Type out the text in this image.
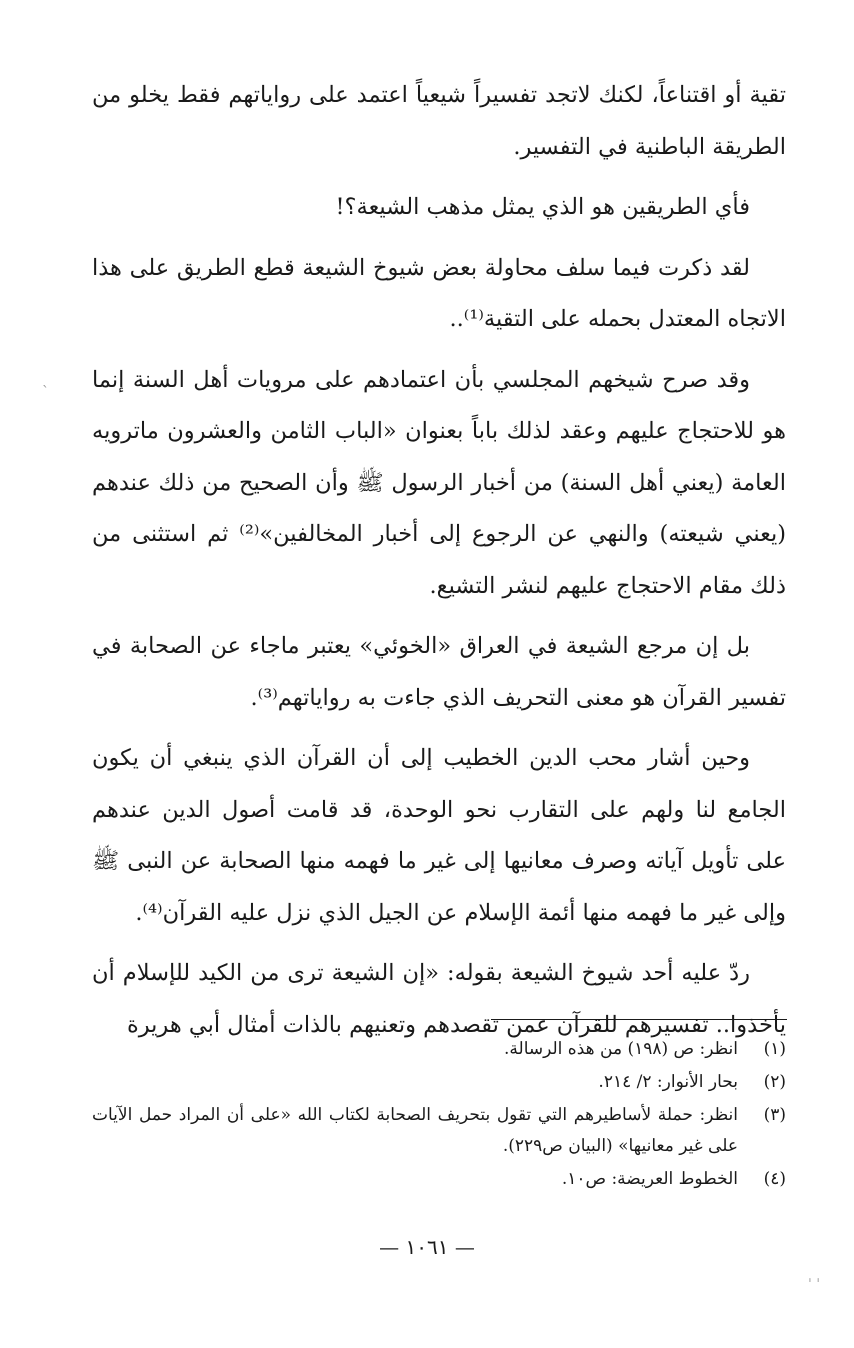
تقية أو اقتناعاً، لكنك لاتجد تفسيراً شيعياً اعتمد على رواياتهم فقط يخلو من الطريقة الباطنية في التفسير.

فأي الطريقين هو الذي يمثل مذهب الشيعة؟!

لقد ذكرت فيما سلف محاولة بعض شيوخ الشيعة قطع الطريق على هذا الاتجاه المعتدل بحمله على التقية⁽¹⁾..

وقد صرح شيخهم المجلسي بأن اعتمادهم على مرويات أهل السنة إنما هو للاحتجاج عليهم وعقد لذلك باباً بعنوان «الباب الثامن والعشرون ماترويه العامة (يعني أهل السنة) من أخبار الرسول ﷺ وأن الصحيح من ذلك عندهم (يعني شيعته) والنهي عن الرجوع إلى أخبار المخالفين»⁽²⁾ ثم استثنى من ذلك مقام الاحتجاج عليهم لنشر التشيع.

بل إن مرجع الشيعة في العراق «الخوئي» يعتبر ماجاء عن الصحابة في تفسير القرآن هو معنى التحريف الذي جاءت به رواياتهم⁽³⁾.

وحين أشار محب الدين الخطيب إلى أن القرآن الذي ينبغي أن يكون الجامع لنا ولهم على التقارب نحو الوحدة، قد قامت أصول الدين عندهم على تأويل آياته وصرف معانيها إلى غير ما فهمه منها الصحابة عن النبى ﷺ وإلى غير ما فهمه منها أئمة الإسلام عن الجيل الذي نزل عليه القرآن⁽⁴⁾.

ردّ عليه أحد شيوخ الشيعة بقوله: «إن الشيعة ترى من الكيد للإسلام أن يأخذوا.. تفسيرهم للقرآن عمن تقصدهم وتعنيهم بالذات أمثال أبي هريرة

(١)
انظر: ص (١٩٨) من هذه الرسالة.
(٢)
بحار الأنوار: ٢/ ٢١٤.
(٣)
انظر: حملة لأساطيرهم التي تقول بتحريف الصحابة لكتاب الله «على أن المراد حمل الآيات على غير معانيها» (البيان ص٢٢٩).
(٤)
الخطوط العريضة: ص١٠.
— ١٠٦١ —
ˎ
ˌ ˌ
